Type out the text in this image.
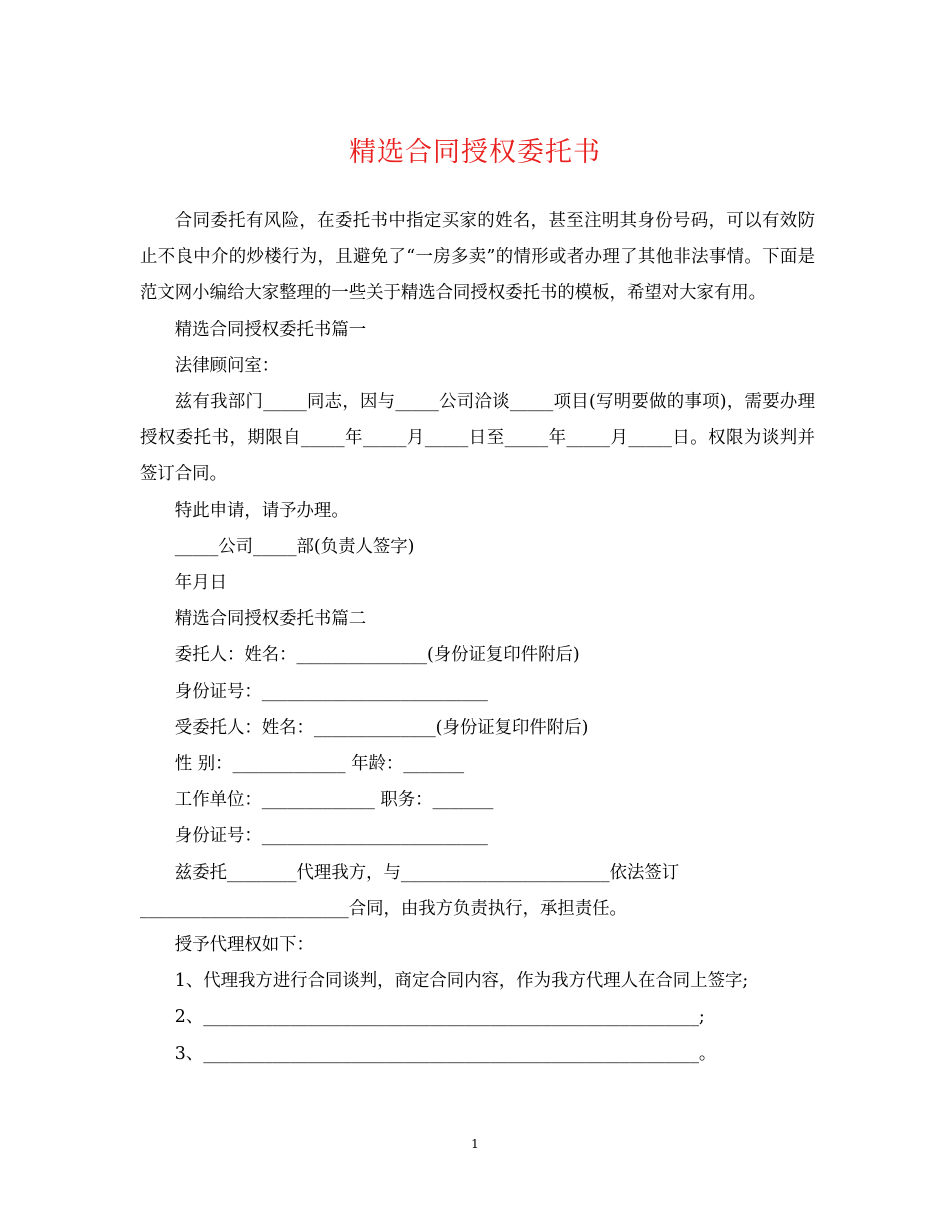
精选合同授权委托书

合同委托有风险，在委托书中指定买家的姓名，甚至注明其身份号码，可以有效防止不良中介的炒楼行为，且避免了“一房多卖”的情形或者办理了其他非法事情。下面是范文网小编给大家整理的一些关于精选合同授权委托书的模板，希望对大家有用。

精选合同授权委托书篇一

法律顾问室：

兹有我部门_____同志，因与_____公司洽谈_____项目(写明要做的事项)，需要办理授权委托书，期限自_____年_____月_____日至_____年_____月_____日。权限为谈判并签订合同。

特此申请，请予办理。

_____公司_____部(负责人签字)

年月日

精选合同授权委托书篇二

委托人：姓名：_______________(身份证复印件附后)

身份证号：__________________________

受委托人：姓名：______________(身份证复印件附后)

性 别：_____________ 年龄：_______

工作单位：_____________ 职务：_______

身份证号：__________________________

兹委托________代理我方，与________________________依法签订

________________________合同，由我方负责执行，承担责任。

授予代理权如下：

1、代理我方进行合同谈判，商定合同内容，作为我方代理人在合同上签字;

2、_________________________________________________________;

3、_________________________________________________________。

1
